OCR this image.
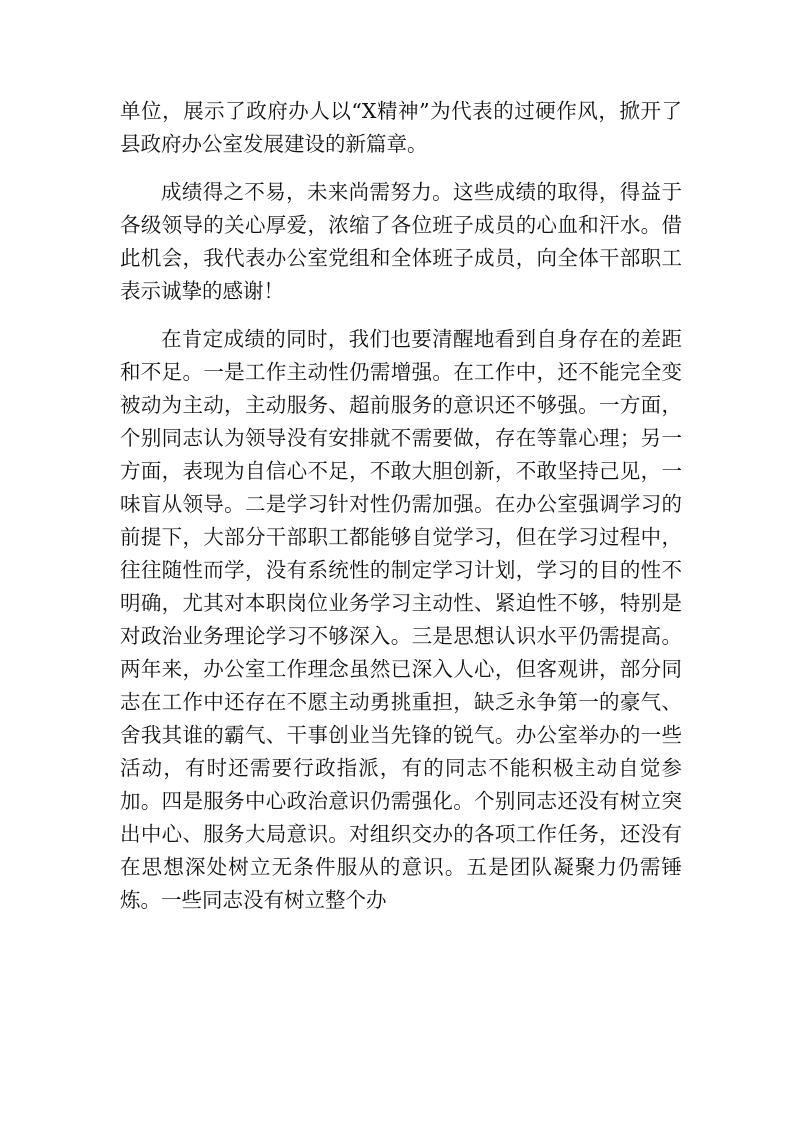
单位，展示了政府办人以“X精神”为代表的过硬作风，掀开了县政府办公室发展建设的新篇章。

成绩得之不易，未来尚需努力。这些成绩的取得，得益于各级领导的关心厚爱，浓缩了各位班子成员的心血和汗水。借此机会，我代表办公室党组和全体班子成员，向全体干部职工表示诚挚的感谢！

在肯定成绩的同时，我们也要清醒地看到自身存在的差距和不足。一是工作主动性仍需增强。在工作中，还不能完全变被动为主动，主动服务、超前服务的意识还不够强。一方面，个别同志认为领导没有安排就不需要做，存在等靠心理；另一方面，表现为自信心不足，不敢大胆创新，不敢坚持己见，一味盲从领导。二是学习针对性仍需加强。在办公室强调学习的前提下，大部分干部职工都能够自觉学习，但在学习过程中，往往随性而学，没有系统性的制定学习计划，学习的目的性不明确，尤其对本职岗位业务学习主动性、紧迫性不够，特别是对政治业务理论学习不够深入。三是思想认识水平仍需提高。两年来，办公室工作理念虽然已深入人心，但客观讲，部分同志在工作中还存在不愿主动勇挑重担，缺乏永争第一的豪气、舍我其谁的霸气、干事创业当先锋的锐气。办公室举办的一些活动，有时还需要行政指派，有的同志不能积极主动自觉参加。四是服务中心政治意识仍需强化。个别同志还没有树立突出中心、服务大局意识。对组织交办的各项工作任务，还没有在思想深处树立无条件服从的意识。五是团队凝聚力仍需锤炼。一些同志没有树立整个办
